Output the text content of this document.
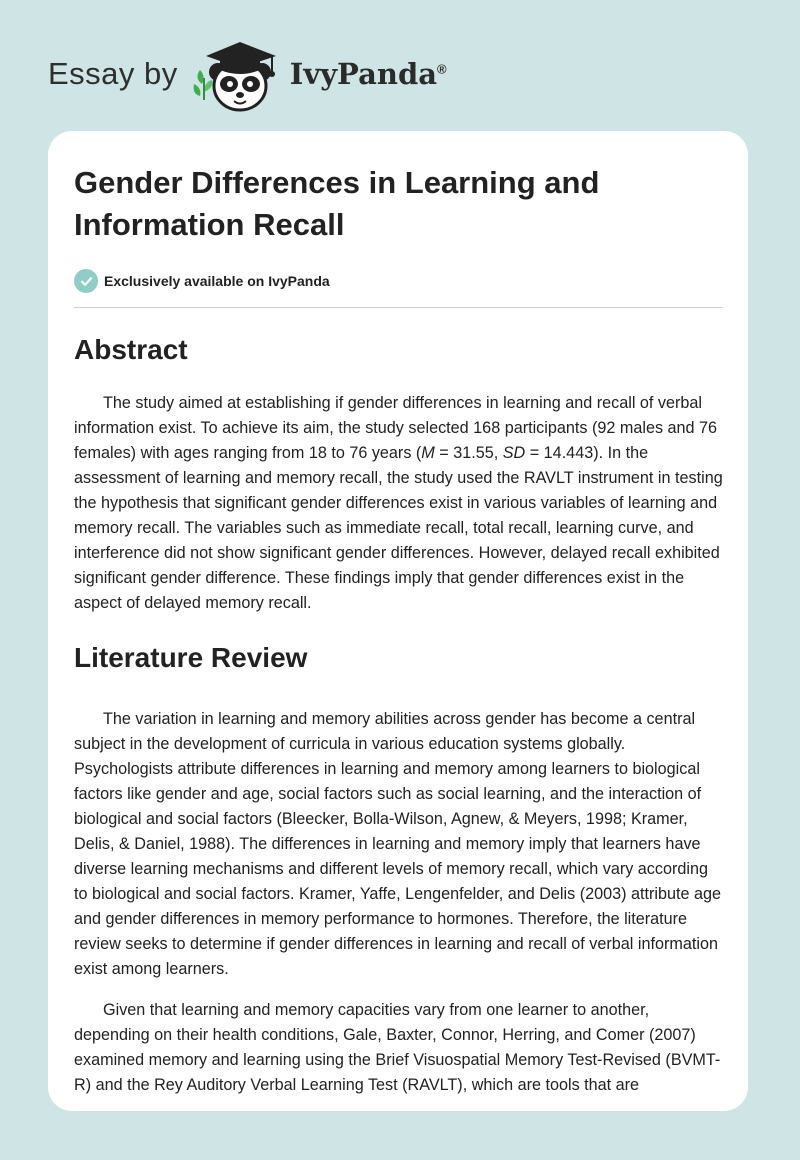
Essay by	IvyPanda®
Gender Differences in Learning and Information Recall
Exclusively available on IvyPanda
Abstract

The study aimed at establishing if gender differences in learning and recall of verbal information exist. To achieve its aim, the study selected 168 participants (92 males and 76 females) with ages ranging from 18 to 76 years (M = 31.55, SD = 14.443). In the assessment of learning and memory recall, the study used the RAVLT instrument in testing the hypothesis that significant gender differences exist in various variables of learning and memory recall. The variables such as immediate recall, total recall, learning curve, and interference did not show significant gender differences. However, delayed recall exhibited significant gender difference. These findings imply that gender differences exist in the aspect of delayed memory recall.

Literature Review

The variation in learning and memory abilities across gender has become a central subject in the development of curricula in various education systems globally. Psychologists attribute differences in learning and memory among learners to biological factors like gender and age, social factors such as social learning, and the interaction of biological and social factors (Bleecker, Bolla-Wilson, Agnew, & Meyers, 1998; Kramer, Delis, & Daniel, 1988). The differences in learning and memory imply that learners have diverse learning mechanisms and different levels of memory recall, which vary according to biological and social factors. Kramer, Yaffe, Lengenfelder, and Delis (2003) attribute age and gender differences in memory performance to hormones. Therefore, the literature review seeks to determine if gender differences in learning and recall of verbal information exist among learners.

Given that learning and memory capacities vary from one learner to another, depending on their health conditions, Gale, Baxter, Connor, Herring, and Comer (2007) examined memory and learning using the Brief Visuospatial Memory Test-Revised (BVMT-R) and the Rey Auditory Verbal Learning Test (RAVLT), which are tools that are
